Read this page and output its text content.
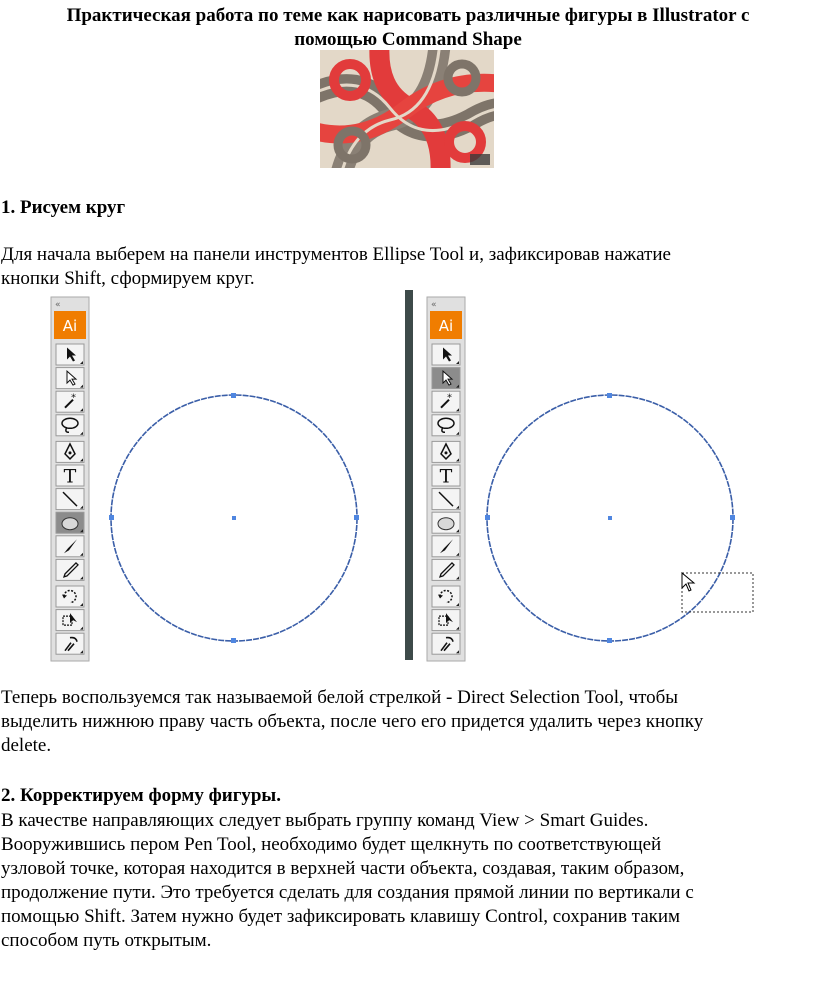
Практическая работа по теме как нарисовать различные фигуры в Illustrator с
помощью Command Shape
1. Рисуем круг
Для начала выберем на панели инструментов Ellipse Tool и, зафиксировав нажатие
кнопки Shift, сформируем круг.
«
Ai
*
T
«
Ai
*
T
Теперь воспользуемся так называемой белой стрелкой - Direct Selection Tool, чтобы
выделить нижнюю праву часть объекта, после чего его придется удалить через кнопку
delete.
2. Корректируем форму фигуры.
В качестве направляющих следует выбрать группу команд View > Smart Guides.
Вооружившись пером Pen Tool, необходимо будет щелкнуть по соответствующей
узловой точке, которая находится в верхней части объекта, создавая, таким образом,
продолжение пути. Это требуется сделать для создания прямой линии по вертикали с
помощью Shift. Затем нужно будет зафиксировать клавишу Control, сохранив таким
способом путь открытым.
